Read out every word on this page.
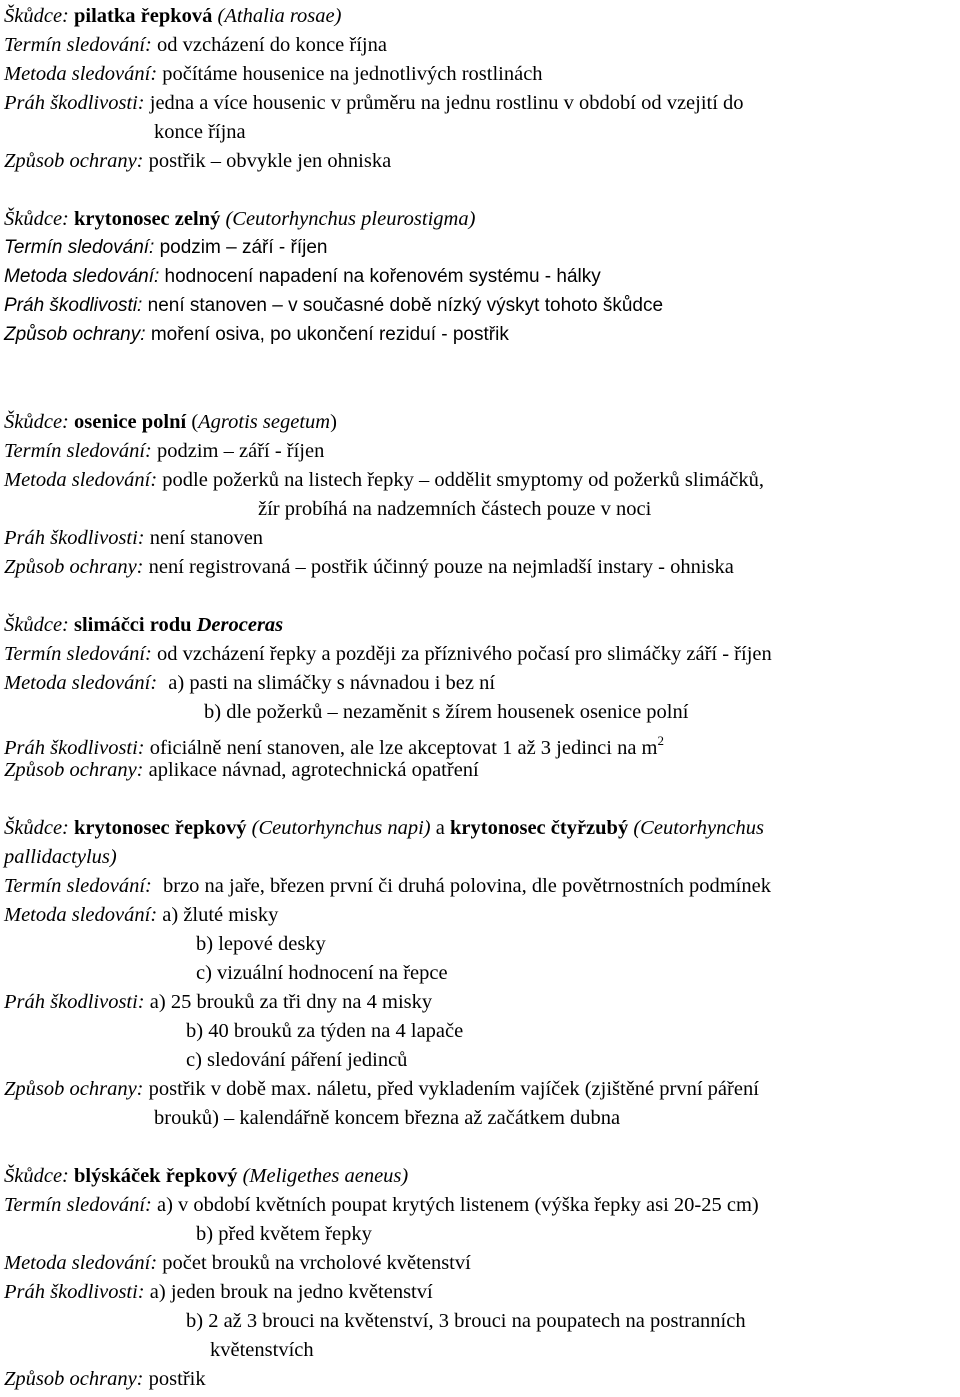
Škůdce: pilatka řepková (Athalia rosae)
Termín sledování: od vzcházení do konce října
Metoda sledování: počítáme housenice na jednotlivých rostlinách
Práh škodlivosti: jedna a více housenic v průměru na jednu rostlinu v období od vzejití do
konce října
Způsob ochrany: postřik – obvykle jen ohniska
Škůdce: krytonosec zelný (Ceutorhynchus pleurostigma)
Termín sledování: podzim – září - říjen
Metoda sledování: hodnocení napadení na kořenovém systému - hálky
Práh škodlivosti: není stanoven – v současné době nízký výskyt tohoto škůdce
Způsob ochrany: moření osiva, po ukončení reziduí - postřik
Škůdce: osenice polní (Agrotis segetum)
Termín sledování: podzim – září - říjen
Metoda sledování: podle požerků na listech řepky – oddělit smyptomy od požerků slimáčků,
žír probíhá na nadzemních částech pouze v noci
Práh škodlivosti: není stanoven
Způsob ochrany: není registrovaná – postřik účinný pouze na nejmladší instary - ohniska
Škůdce: slimáčci rodu Deroceras
Termín sledování: od vzcházení řepky a později za příznivého počasí pro slimáčky září - říjen
Metoda sledování: a) pasti na slimáčky s návnadou i bez ní
b) dle požerků – nezaměnit s žírem housenek osenice polní
Práh škodlivosti: oficiálně není stanoven, ale lze akceptovat 1 až 3 jedinci na $m^2$
Způsob ochrany: aplikace návnad, agrotechnická opatření
Škůdce: krytonosec řepkový (Ceutorhynchus napi) a krytonosec čtyřzubý (Ceutorhynchus
pallidactylus)
Termín sledování: brzo na jaře, březen první či druhá polovina, dle povětrnostních podmínek
Metoda sledování: a) žluté misky
b) lepové desky
c) vizuální hodnocení na řepce
Práh škodlivosti: a) 25 brouků za tři dny na 4 misky
b) 40 brouků za týden na 4 lapače
c) sledování páření jedinců
Způsob ochrany: postřik v době max. náletu, před vykladením vajíček (zjištěné první páření
brouků) – kalendářně koncem března až začátkem dubna
Škůdce: blýskáček řepkový (Meligethes aeneus)
Termín sledování: a) v období květních poupat krytých listenem (výška řepky asi 20-25 cm)
b) před květem řepky
Metoda sledování: počet brouků na vrcholové květenství
Práh škodlivosti: a) jeden brouk na jedno květenství
b) 2 až 3 brouci na květenství, 3 brouci na poupatech na postranních
květenstvích
Způsob ochrany: postřik
